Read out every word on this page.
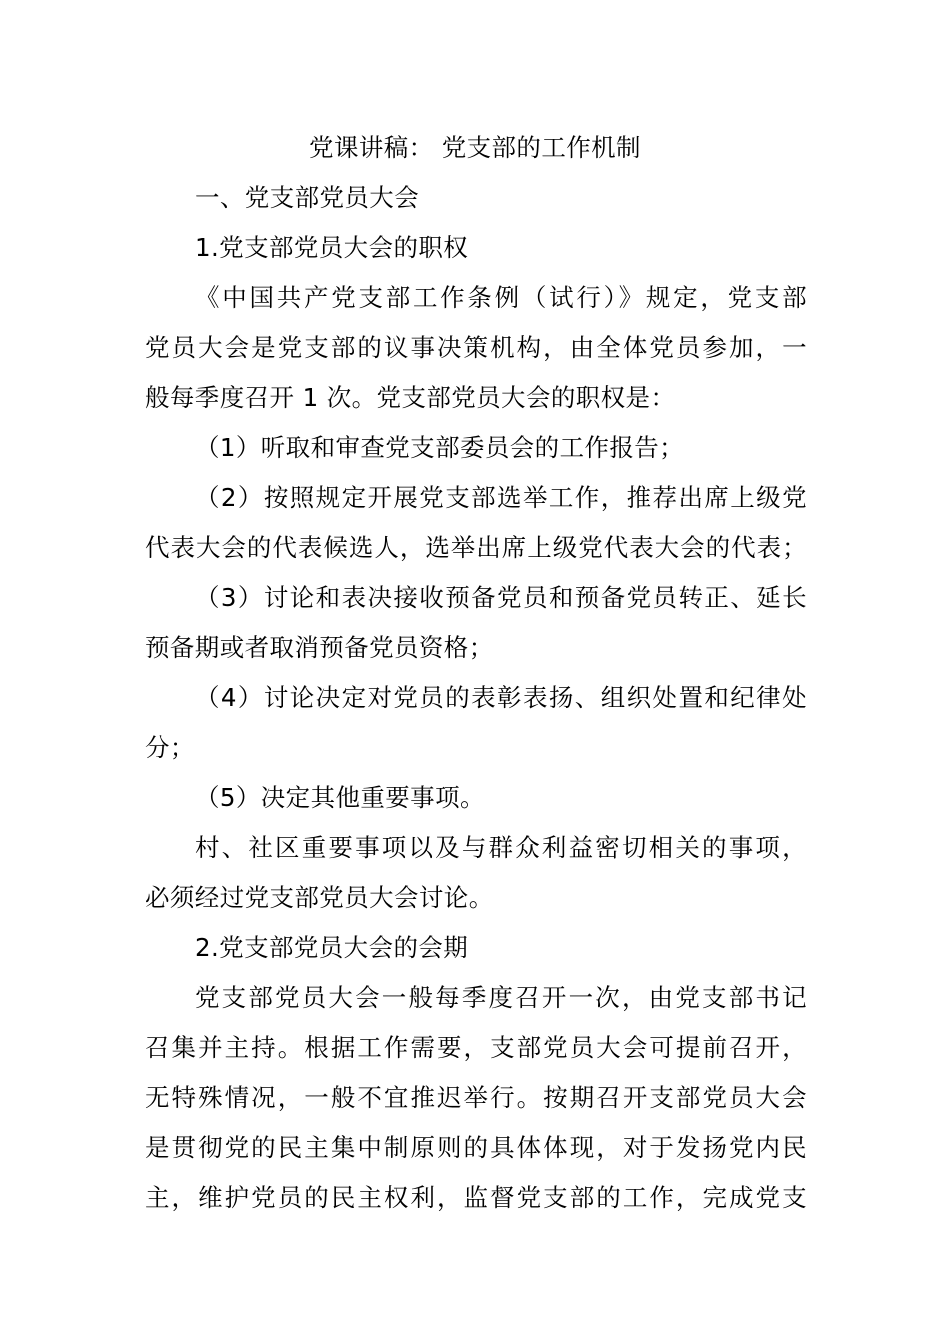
党课讲稿： 党支部的工作机制
一、党支部党员大会
1.党支部党员大会的职权
《中国共产党支部工作条例（试行）》规定，党支部
党员大会是党支部的议事决策机构，由全体党员参加，一
般每季度召开 1 次。党支部党员大会的职权是：
（1）听取和审查党支部委员会的工作报告；
（2）按照规定开展党支部选举工作，推荐出席上级党
代表大会的代表候选人，选举出席上级党代表大会的代表；
（3）讨论和表决接收预备党员和预备党员转正、延长
预备期或者取消预备党员资格；
（4）讨论决定对党员的表彰表扬、组织处置和纪律处
分；
（5）决定其他重要事项。
村、社区重要事项以及与群众利益密切相关的事项，
必须经过党支部党员大会讨论。
2.党支部党员大会的会期
党支部党员大会一般每季度召开一次，由党支部书记
召集并主持。根据工作需要，支部党员大会可提前召开，
无特殊情况，一般不宜推迟举行。按期召开支部党员大会
是贯彻党的民主集中制原则的具体体现，对于发扬党内民
主，维护党员的民主权利，监督党支部的工作，完成党支
